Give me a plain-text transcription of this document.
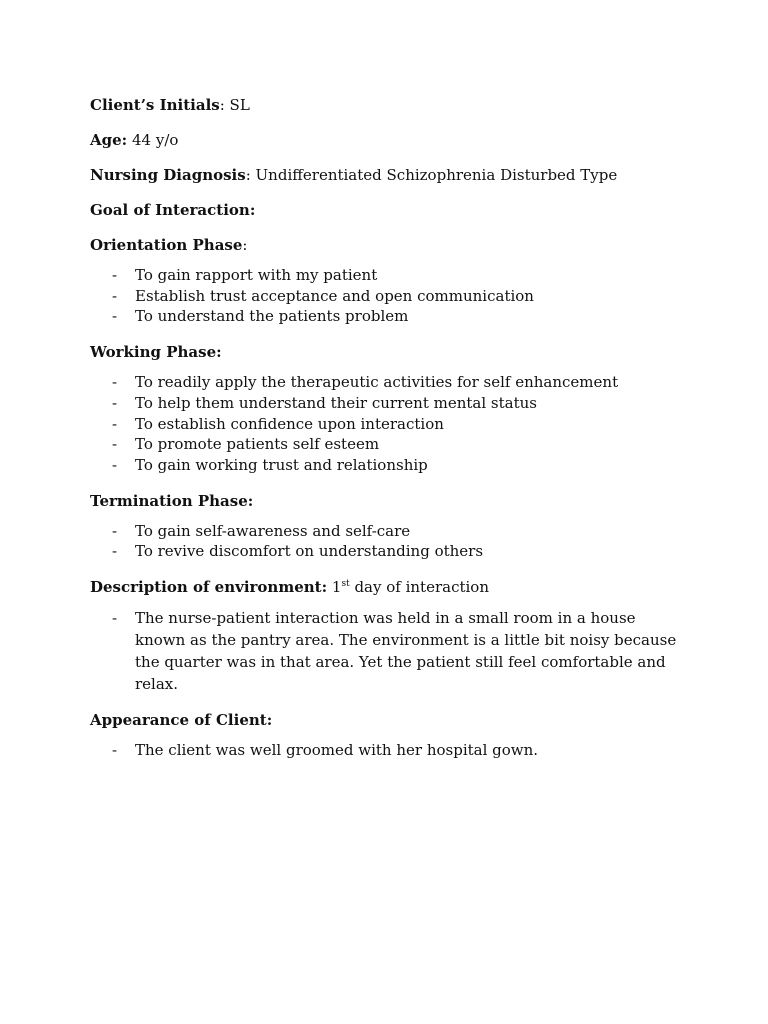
Client’s Initials: SL

Age: 44 y/o

Nursing Diagnosis: Undifferentiated Schizophrenia Disturbed Type

Goal of Interaction:

Orientation Phase:

- To gain rapport with my patient
- Establish trust acceptance and open communication
- To understand the patients problem

Working Phase:

- To readily apply the therapeutic activities for self enhancement
- To help them understand their current mental status
- To establish confidence upon interaction
- To promote patients self esteem
- To gain working trust and relationship

Termination Phase:

- To gain self-awareness and self-care
- To revive discomfort on understanding others

Description of environment: 1st day of interaction

- The nurse-patient interaction was held in a small room in a house known as the pantry area. The environment is a little bit noisy because the quarter was in that area. Yet the patient still feel comfortable and relax.

Appearance of Client:

- The client was well groomed with her hospital gown.
